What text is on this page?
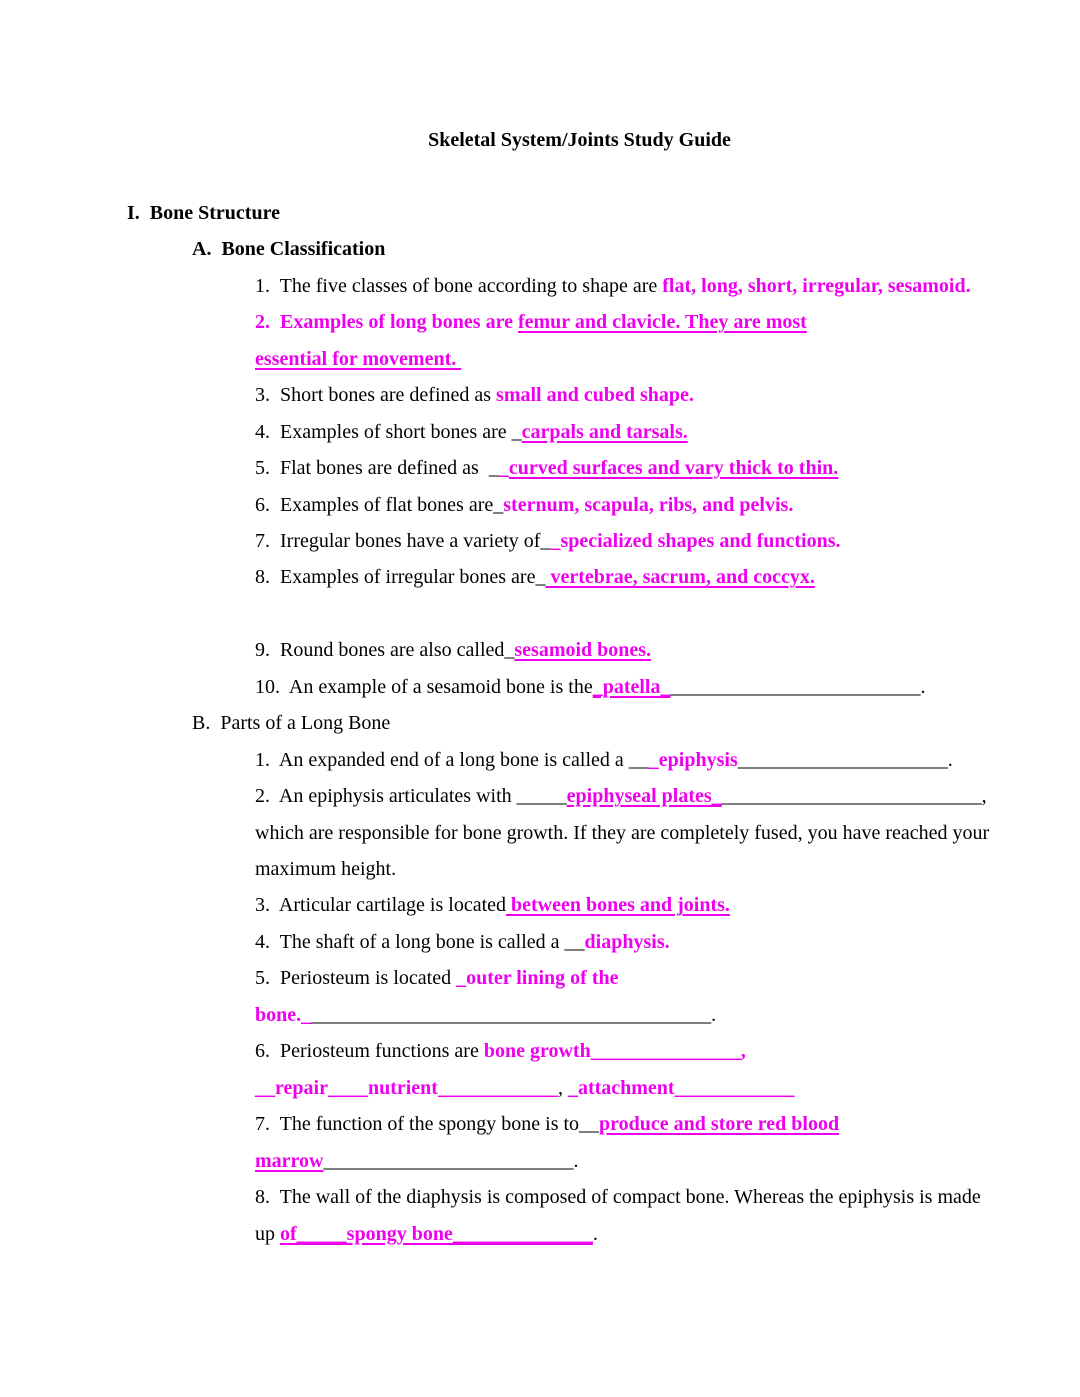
Skeletal System/Joints Study Guide
I.  Bone Structure
A.  Bone Classification
1.  The five classes of bone according to shape are flat, long, short, irregular, sesamoid.
2.  Examples of long bones are femur and clavicle. They are most
essential for movement.
3.  Short bones are defined as small and cubed shape.
4.  Examples of short bones are _carpals and tarsals.
5.  Flat bones are defined as  __curved surfaces and vary thick to thin.
6.  Examples of flat bones are_sternum, scapula, ribs, and pelvis.
7.  Irregular bones have a variety of__specialized shapes and functions.
8.  Examples of irregular bones are_ vertebrae, sacrum, and coccyx.
9.  Round bones are also called_sesamoid bones.
10.  An example of a sesamoid bone is the_patella__________________________.
B.  Parts of a Long Bone
1.  An expanded end of a long bone is called a ___epiphysis_____________________.
2.  An epiphysis articulates with _____epiphyseal plates___________________________,
which are responsible for bone growth. If they are completely fused, you have reached your
maximum height.
3.  Articular cartilage is located between bones and joints.
4.  The shaft of a long bone is called a __diaphysis.
5.  Periosteum is located _outer lining of the
bone._________________________________________.
6.  Periosteum functions are bone growth_______________,
__repair____nutrient____________, _attachment____________
7.  The function of the spongy bone is to__produce and store red blood
marrow_________________________.
8.  The wall of the diaphysis is composed of compact bone. Whereas the epiphysis is made
up of_____spongy bone______________.
